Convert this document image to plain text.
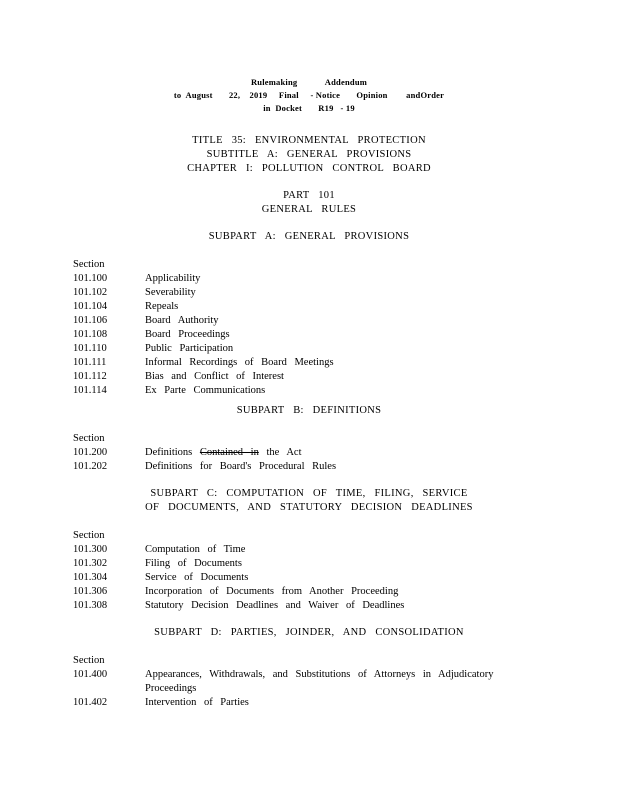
Rulemaking            Addendum
to  August       22,    2019     Final     - Notice       Opinion        andOrder
in  Docket       R19   - 19
TITLE 35: ENVIRONMENTAL PROTECTION
SUBTITLE A: GENERAL PROVISIONS
CHAPTER I: POLLUTION CONTROL BOARD
PART 101
GENERAL RULES
SUBPART A: GENERAL PROVISIONS
Section
101.100	Applicability
101.102	Severability
101.104	Repeals
101.106	Board Authority
101.108	Board Proceedings
101.110	Public Participation
101.111	Informal Recordings of Board Meetings
101.112	Bias and Conflict of Interest
101.114	Ex Parte Communications
SUBPART B: DEFINITIONS
Section
101.200	Definitions Contained in the Act
101.202	Definitions for Board's Procedural Rules
SUBPART C: COMPUTATION OF TIME, FILING, SERVICE
OF DOCUMENTS, AND STATUTORY DECISION DEADLINES
Section
101.300	Computation of Time
101.302	Filing of Documents
101.304	Service of Documents
101.306	Incorporation of Documents from Another Proceeding
101.308	Statutory Decision Deadlines and Waiver of Deadlines
SUBPART D: PARTIES, JOINDER, AND CONSOLIDATION
Section
101.400	Appearances, Withdrawals, and Substitutions of Attorneys in Adjudicatory Proceedings
101.402	Intervention of Parties
